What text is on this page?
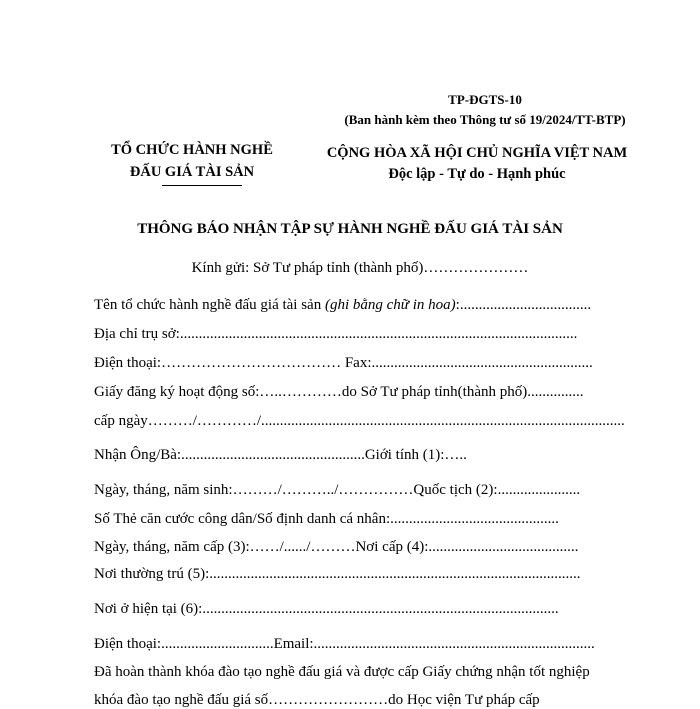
TP-ĐGTS-10
(Ban hành kèm theo Thông tư số 19/2024/TT-BTP)
TỔ CHỨC HÀNH NGHỀ
ĐẤU GIÁ TÀI SẢN
CỘNG HÒA XÃ HỘI CHỦ NGHĨA VIỆT NAM
Độc lập - Tự do - Hạnh phúc
THÔNG BÁO NHẬN TẬP SỰ HÀNH NGHỀ ĐẤU GIÁ TÀI SẢN
Kính gửi: Sở Tư pháp tỉnh (thành phố)…………………
Tên tổ chức hành nghề đấu giá tài sản (ghi bằng chữ in hoa):...................................
Địa chỉ trụ sở:..........................................................................................................
Điện thoại:……………………………… Fax:...........................................................
Giấy đăng ký hoạt động số:…..…………do Sở Tư pháp tỉnh(thành phố)...............
cấp ngày………/…………/.................................................................................................
Nhận Ông/Bà:.................................................Giới tính (1):…..
Ngày, tháng, năm sinh:………/………../……………Quốc tịch (2):......................
Số Thẻ căn cước công dân/Số định danh cá nhân:.............................................
Ngày, tháng, năm cấp (3):……/....../………Nơi cấp (4):........................................
Nơi thường trú (5):...................................................................................................
Nơi ở hiện tại (6):...............................................................................................
Điện thoại:..............................Email:...........................................................................
Đã hoàn thành khóa đào tạo nghề đấu giá và được cấp Giấy chứng nhận tốt nghiệp
khóa đào tạo nghề đấu giá số……………………do Học viện Tư pháp cấp
